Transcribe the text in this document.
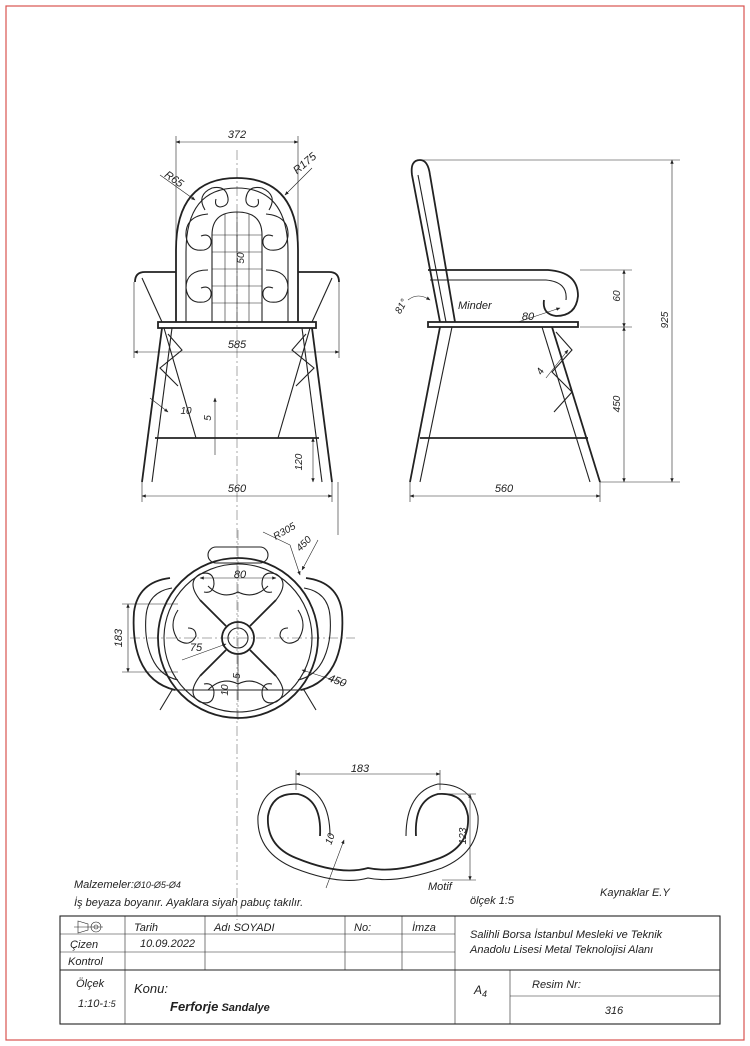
372
R65
R175
50
585
10
5
120
560
81°	Minder
80
60
4
450
925
560
R305
450
80
183
75
5
10
450
183
10	123
Motif
ölçek 1:5
Malzemeler:Ø10-Ø5-Ø4
İş beyaza boyanır. Ayaklara siyah pabuç takılır.
Kaynaklar E.Y
Tarih	Adı SOYADI	No:	İmza
Çizen	10.09.2022
Kontrol
Ölçek
1:10-1:5
Konu:
Ferforje Sandalye
Salihli Borsa İstanbul Mesleki ve Teknik
Anadolu Lisesi Metal Teknolojisi Alanı
$A_4$
Resim Nr:
316
